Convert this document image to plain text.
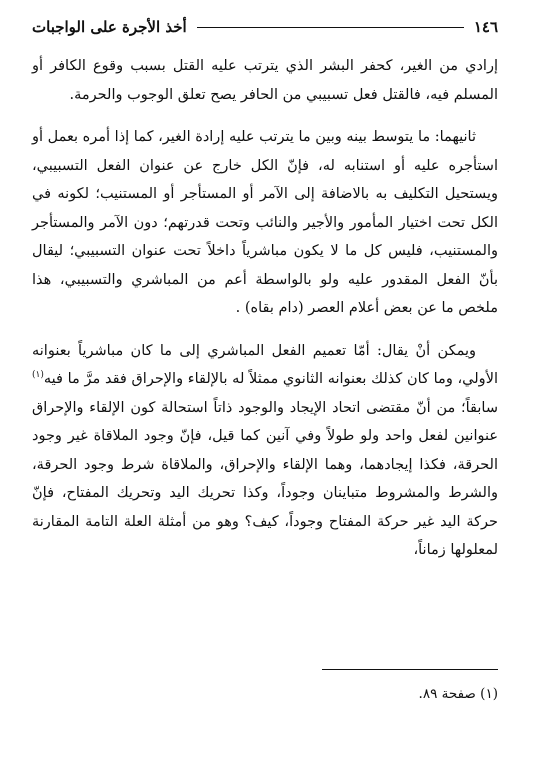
١٤٦
أخذ الأجرة على الواجبات

إرادي من الغير، كحفر البشر الذي يترتب عليه القتل بسبب وقوع الكافر أو المسلم فيه، فالقتل فعل تسبيبي من الحافر يصح تعلق الوجوب والحرمة.

ثانيهما: ما يتوسط بينه وبين ما يترتب عليه إرادة الغير، كما إذا أمره بعمل أو استأجره عليه أو استنابه له، فإنّ الكل خارج عن عنوان الفعل التسبيبي، ويستحيل التكليف به بالاضافة إلى الآمر أو المستأجر أو المستنيب؛ لكونه في الكل تحت اختيار المأمور والأجير والنائب وتحت قدرتهم؛ دون الآمر والمستأجر والمستنيب، فليس كل ما لا يكون مباشرياً داخلاً تحت عنوان التسبيبي؛ ليقال بأنّ الفعل المقدور عليه ولو بالواسطة أعم من المباشري والتسبيبي، هذا ملخص ما عن بعض أعلام العصر (دام بقاه) .

ويمكن أنْ يقال: أمّا تعميم الفعل المباشري إلى ما كان مباشرياً بعنوانه الأولي، وما كان كذلك بعنوانه الثانوي ممثلاً له بالإلقاء والإحراق فقد مرَّ ما فيه$^{(١)}$ سابقاً؛ من أنّ مقتضى اتحاد الإيجاد والوجود ذاتاً استحالة كون الإلقاء والإحراق عنوانين لفعل واحد ولو طولاً وفي آنين كما قيل، فإنّ وجود الملاقاة غير وجود الحرقة، فكذا إيجادهما، وهما الإلقاء والإحراق، والملاقاة شرط وجود الحرقة، والشرط والمشروط متباينان وجوداً، وكذا تحريك اليد وتحريك المفتاح، فإنّ حركة اليد غير حركة المفتاح وجوداً، كيف؟ وهو من أمثلة العلة التامة المقارنة لمعلولها زماناً،

(١) صفحة ٨٩.
